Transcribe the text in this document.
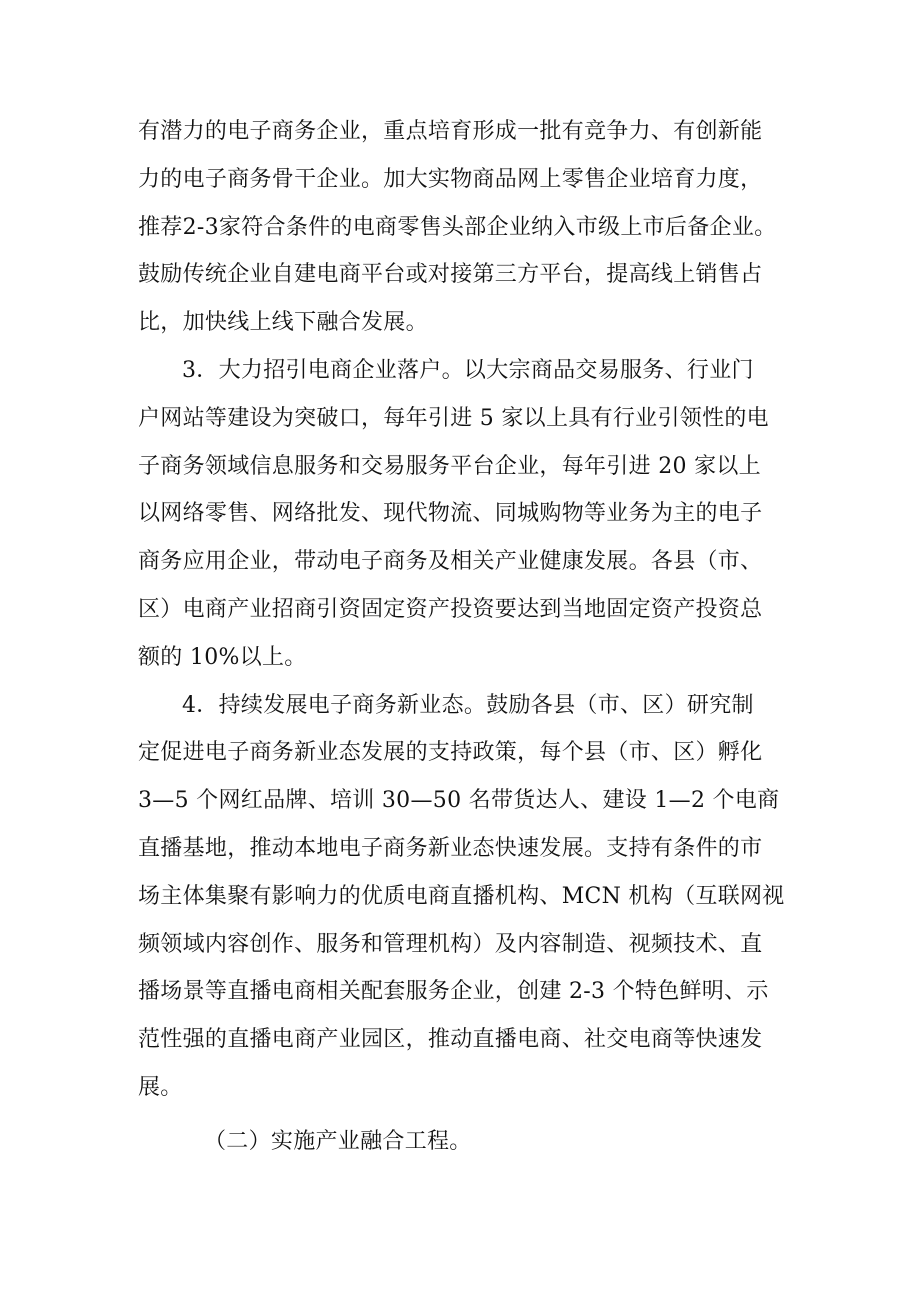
有潜力的电子商务企业，重点培育形成一批有竞争力、有创新能
力的电子商务骨干企业。加大实物商品网上零售企业培育力度，
推荐2-3家符合条件的电商零售头部企业纳入市级上市后备企业。
鼓励传统企业自建电商平台或对接第三方平台，提高线上销售占
比，加快线上线下融合发展。
3．大力招引电商企业落户。以大宗商品交易服务、行业门
户网站等建设为突破口，每年引进 5 家以上具有行业引领性的电
子商务领域信息服务和交易服务平台企业，每年引进 20 家以上
以网络零售、网络批发、现代物流、同城购物等业务为主的电子
商务应用企业，带动电子商务及相关产业健康发展。各县（市、
区）电商产业招商引资固定资产投资要达到当地固定资产投资总
额的 10%以上。
4．持续发展电子商务新业态。鼓励各县（市、区）研究制
定促进电子商务新业态发展的支持政策，每个县（市、区）孵化
3—5 个网红品牌、培训 30—50 名带货达人、建设 1—2 个电商
直播基地，推动本地电子商务新业态快速发展。支持有条件的市
场主体集聚有影响力的优质电商直播机构、MCN 机构（互联网视
频领域内容创作、服务和管理机构）及内容制造、视频技术、直
播场景等直播电商相关配套服务企业，创建 2-3 个特色鲜明、示
范性强的直播电商产业园区，推动直播电商、社交电商等快速发
展。
（二）实施产业融合工程。
